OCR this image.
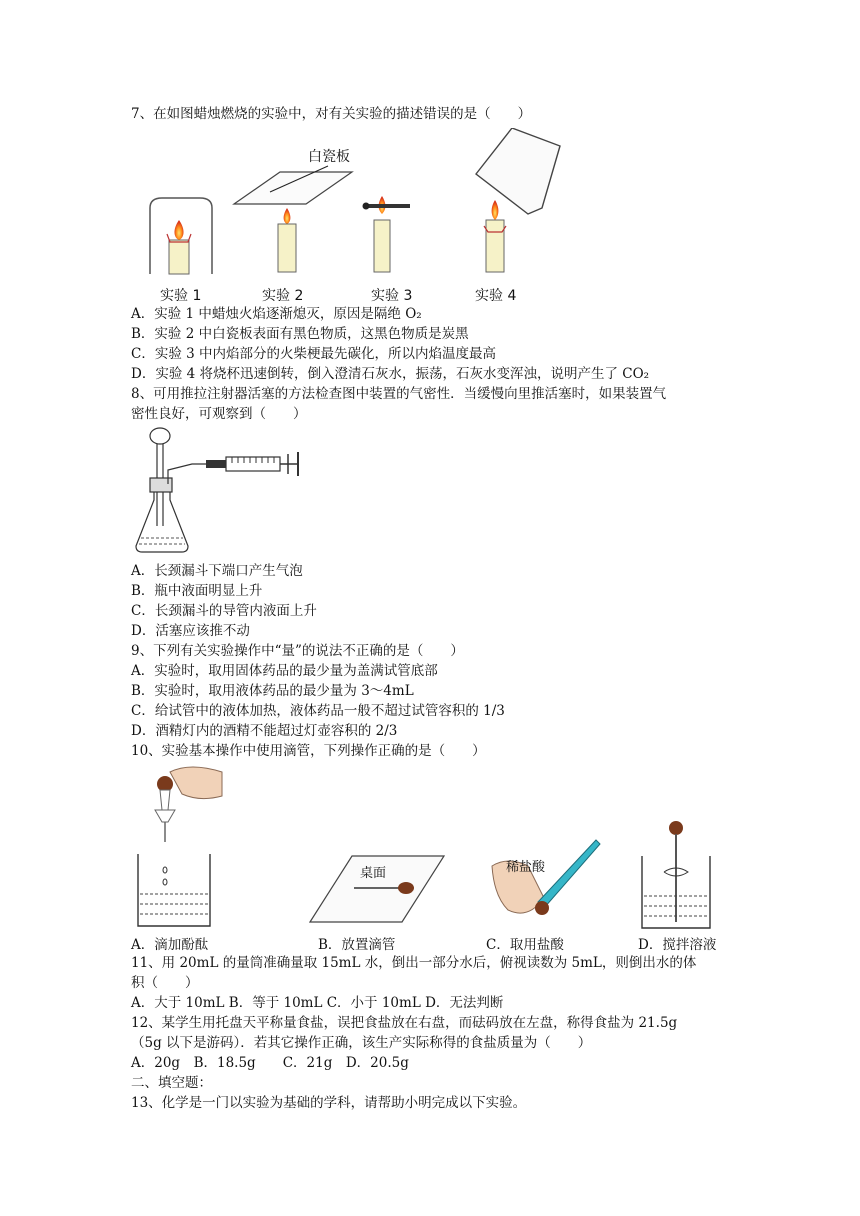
7、在如图蜡烛燃烧的实验中，对有关实验的描述错误的是（　　）
白瓷板
实验 1	实验 2	实验 3	实验 4
A．实验 1 中蜡烛火焰逐渐熄灭，原因是隔绝 O₂
B．实验 2 中白瓷板表面有黑色物质，这黑色物质是炭黑
C．实验 3 中内焰部分的火柴梗最先碳化，所以内焰温度最高
D．实验 4 将烧杯迅速倒转，倒入澄清石灰水，振荡，石灰水变浑浊，说明产生了 CO₂
8、可用推拉注射器活塞的方法检查图中装置的气密性．当缓慢向里推活塞时，如果装置气
密性良好，可观察到（　　）
A．长颈漏斗下端口产生气泡
B．瓶中液面明显上升
C．长颈漏斗的导管内液面上升
D．活塞应该推不动
9、下列有关实验操作中“量”的说法不正确的是（　　）
A．实验时，取用固体药品的最少量为盖满试管底部
B．实验时，取用液体药品的最少量为 3～4mL
C．给试管中的液体加热，液体药品一般不超过试管容积的 1/3
D．酒精灯内的酒精不能超过灯壶容积的 2/3
10、实验基本操作中使用滴管，下列操作正确的是（　　）
桌面	稀盐酸
A．滴加酚酞	B．放置滴管	C．取用盐酸	D．搅拌溶液
11、用 20mL 的量筒准确量取 15mL 水，倒出一部分水后，俯视读数为 5mL，则倒出水的体
积（　　）
A．大于 10mL B．等于 10mL C．小于 10mL D．无法判断
12、某学生用托盘天平称量食盐，误把食盐放在右盘，而砝码放在左盘，称得食盐为 21.5g
（5g 以下是游码）．若其它操作正确，该生产实际称得的食盐质量为（　　）
A．20g　B．18.5g　　C．21g　D．20.5g
二、填空题：
13、化学是一门以实验为基础的学科，请帮助小明完成以下实验。
